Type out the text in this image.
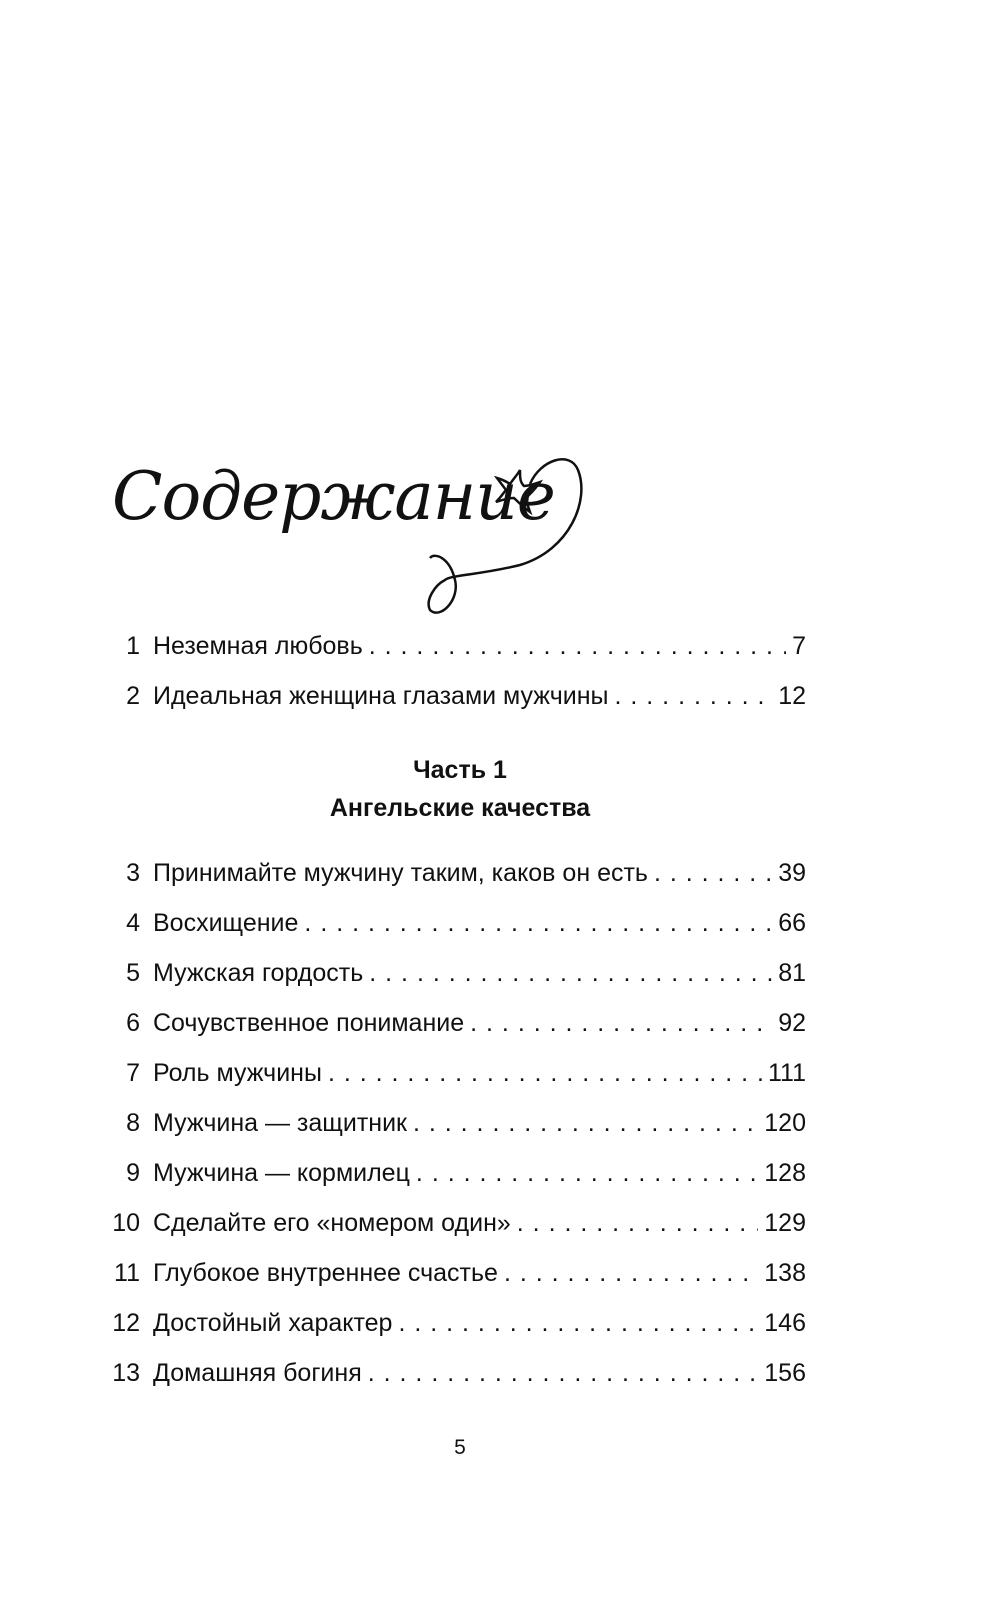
Содержание
1 Неземная любовь . . .	7
2 Идеальная женщина глазами мужчины . . .	12
Часть 1
Ангельские качества
3 Принимайте мужчину таким, каков он есть . . .	39
4 Восхищение . . .	66
5 Мужская гордость . . .	81
6 Сочувственное понимание . . .	92
7 Роль мужчины . . .	111
8 Мужчина — защитник . . .	120
9 Мужчина — кормилец . . .	128
10 Сделайте его «номером один» . . .	129
11 Глубокое внутреннее счастье . . .	138
12 Достойный характер . . .	146
13 Домашняя богиня . . .	156
5
